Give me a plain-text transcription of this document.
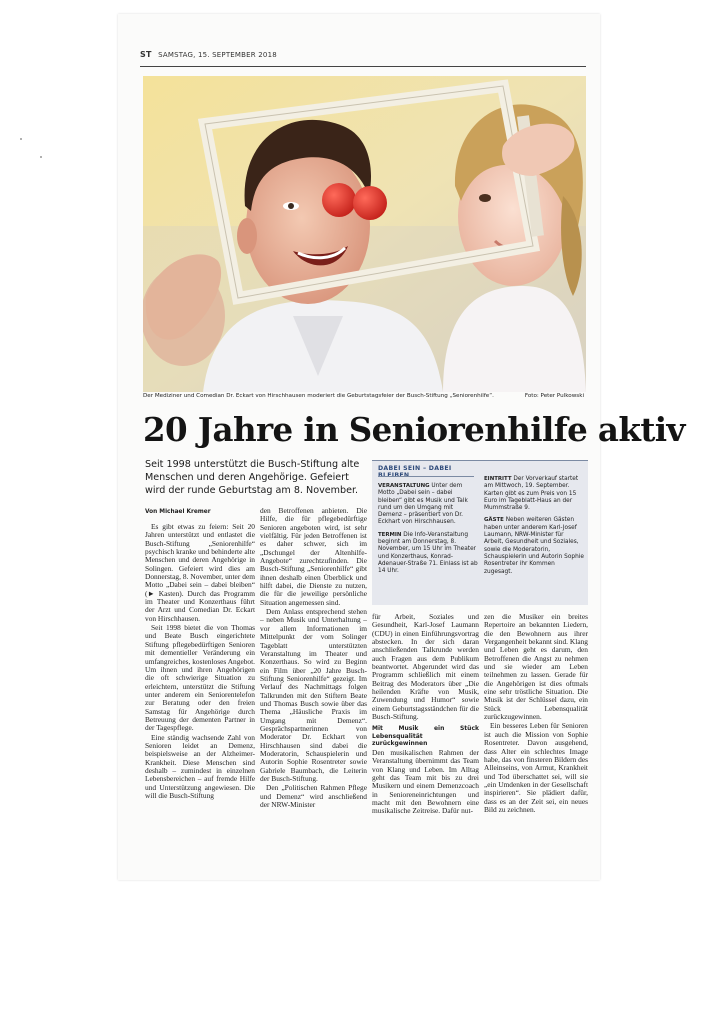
ST SAMSTAG, 15. SEPTEMBER 2018
Der Mediziner und Comedian Dr. Eckart von Hirschhausen moderiert die Geburtstagsfeier der Busch-Stiftung „Seniorenhilfe“.	Foto: Peter Pulkowski
20 Jahre in Seniorenhilfe aktiv
Seit 1998 unterstützt die Busch-Stiftung alte Menschen und deren Angehörige. Gefeiert wird der runde Geburtstag am 8. November.
Von Michael Kremer

Es gibt etwas zu feiern: Seit 20 Jahren unterstützt und entlastet die Busch-Stiftung „Seniorenhilfe“ psychisch kranke und behinderte alte Menschen und deren Angehörige in Solingen. Gefeiert wird dies am Donnerstag, 8. November, unter dem Motto „Dabei sein – dabei bleiben“ (► Kasten). Durch das Programm im Theater und Konzerthaus führt der Arzt und Comedian Dr. Eckart von Hirschhausen.

Seit 1998 bietet die von Thomas und Beate Busch eingerichtete Stiftung pflegebedürftigen Senioren mit dementieller Veränderung ein umfangreiches, kostenloses Angebot. Um ihnen und ihren Angehörigen die oft schwierige Situation zu erleichtern, unterstützt die Stiftung unter anderem ein Seniorentelefon zur Beratung oder den freien Samstag für Angehörige durch Betreuung der dementen Partner in der Tagespflege.

Eine ständig wachsende Zahl von Senioren leidet an Demenz, beispielsweise an der Alzheimer-Krankheit. Diese Menschen sind deshalb – zumindest in einzelnen Lebensbereichen – auf fremde Hilfe und Unterstützung angewiesen. Die will die Busch-Stiftung

den Betroffenen anbieten. Die Hilfe, die für pflegebedürftige Senioren angeboten wird, ist sehr vielfältig. Für jeden Betroffenen ist es daher schwer, sich im „Dschungel der Altenhilfe-Angebote“ zurechtzufinden. Die Busch-Stiftung „Seniorenhilfe“ gibt ihnen deshalb einen Überblick und hilft dabei, die Dienste zu nutzen, die für die jeweilige persönliche Situation angemessen sind.

Dem Anlass entsprechend stehen – neben Musik und Unterhaltung – vor allem Informationen im Mittelpunkt der vom Solinger Tageblatt unterstützten Veranstaltung im Theater und Konzerthaus. So wird zu Beginn ein Film über „20 Jahre Busch-Stiftung Seniorenhilfe“ gezeigt. Im Verlauf des Nachmittags folgen Talkrunden mit den Stiftern Beate und Thomas Busch sowie über das Thema „Häusliche Praxis im Umgang mit Demenz“. Gesprächspartnerinnen von Moderator Dr. Eckhart von Hirschhausen sind dabei die Moderatorin, Schauspielerin und Autorin Sophie Rosentreter sowie Gabriele Baumbach, die Leiterin der Busch-Stiftung.

Den „Politischen Rahmen Pflege und Demenz“ wird anschließend der NRW-Minister

DABEI SEIN – DABEI

VERANSTALTUNG Unter dem Motto „Dabei sein – dabei bleiben“ gibt es Musik und Talk rund um den Umgang mit Demenz – präsentiert von Dr. Eckhart von Hirschhausen.

TERMIN Die Info-Veranstaltung beginnt am Donnerstag, 8. November, um 15 Uhr im Theater und Konzerthaus, Konrad-Adenauer-Straße 71. Einlass ist ab 14 Uhr.

EINTRITT Der Vorverkauf startet am Mittwoch, 19. September. Karten gibt es zum Preis von 15 Euro im Tageblatt-Haus an der Mummstraße 9.

GÄSTE Neben weiteren Gästen haben unter anderem Karl-Josef Laumann, NRW-Minister für Arbeit, Gesundheit und Soziales, sowie die Moderatorin, Schauspielerin und Autorin Sophie Rosentreter ihr Kommen zugesagt.

für Arbeit, Soziales und Gesundheit, Karl-Josef Laumann (CDU) in einen Einführungsvortrag abstecken. In der sich daran anschließenden Talkrunde werden auch Fragen aus dem Publikum beantwortet. Abgerundet wird das Programm schließlich mit einem Beitrag des Moderators über „Die heilenden Kräfte von Musik, Zuwendung und Humor“ sowie einem Geburtstagsständchen für die Busch-Stiftung.

Mit Musik ein Stück Lebensqualität zurückgewinnen

Den musikalischen Rahmen der Veranstaltung übernimmt das Team von Klang und Leben. Im Alltag geht das Team mit bis zu drei Musikern und einem Demenzcoach in Senioreneinrichtungen und macht mit den Bewohnern eine musikalische Zeitreise. Dafür nut-

zen die Musiker ein breites Repertoire an bekannten Liedern, die den Bewohnern aus ihrer Vergangenheit bekannt sind. Klang und Leben geht es darum, den Betroffenen die Angst zu nehmen und sie wieder am Leben teilnehmen zu lassen. Gerade für die Angehörigen ist dies oftmals eine sehr tröstliche Situation. Die Musik ist der Schlüssel dazu, ein Stück Lebensqualität zurückzugewinnen.

Ein besseres Leben für Senioren ist auch die Mission von Sophie Rosentreter. Davon ausgehend, dass Alter ein schlechtes Image habe, das von finsteren Bildern des Alleinseins, von Armut, Krankheit und Tod überschattet sei, will sie „ein Umdenken in der Gesellschaft inspirieren“. Sie plädiert dafür, dass es an der Zeit sei, ein neues Bild zu zeichnen.
